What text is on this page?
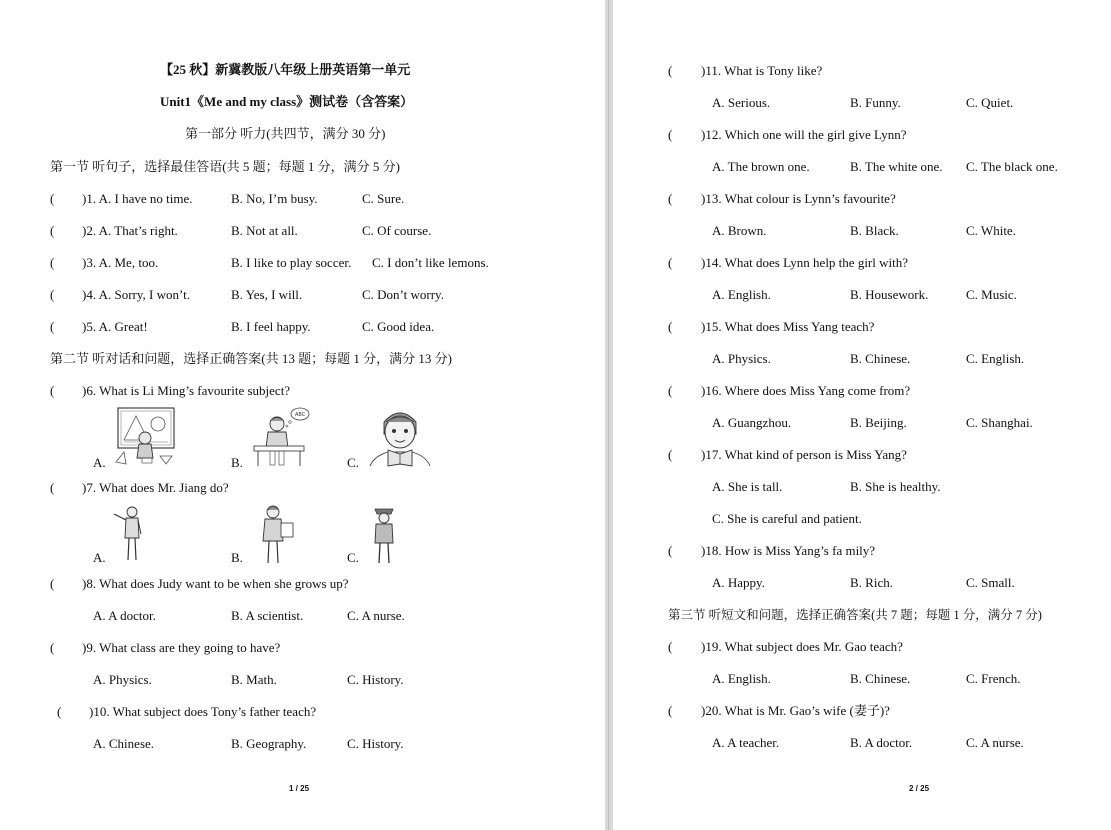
【25 秋】新冀教版八年级上册英语第一单元
Unit1《Me and my class》测试卷（含答案）
第一部分 听力(共四节，满分 30 分)
第一节 听句子，选择最佳答语(共 5 题；每题 1 分，满分 5 分)
( )1. A. I have no time.	B. No, I’m busy.	C. Sure.
( )2. A. That’s right.	B. Not at all.	C. Of course.
( )3. A. Me, too.	B. I like to play soccer. C. I don’t like lemons.
( )4. A. Sorry, I won’t.	B. Yes, I will.	C. Don’t worry.
( )5. A. Great!	B. I feel happy.	C. Good idea.
第二节 听对话和问题，选择正确答案(共 13 题；每题 1 分，满分 13 分)
( )6. What is Li Ming’s favourite subject?
A.
ABC
B.	C.
( )7. What does Mr. Jiang do?
A.	B.	C.
( )8. What does Judy want to be when she grows up?
A. A doctor.	B. A scientist.	C. A nurse.
( )9. What class are they going to have?
A. Physics.	B. Math.	C. History.
( )10. What subject does Tony’s father teach?
A. Chinese.	B. Geography.	C. History.
1 / 25
( )11. What is Tony like?
A. Serious.	B. Funny.	C. Quiet.
( )12. Which one will the girl give Lynn?
A. The brown one.	B. The white one. C. The black one.
( )13. What colour is Lynn’s favourite?
A. Brown.	B. Black.	C. White.
( )14. What does Lynn help the girl with?
A. English.	B. Housework.	C. Music.
( )15. What does Miss Yang teach?
A. Physics.	B. Chinese.	C. English.
( )16. Where does Miss Yang come from?
A. Guangzhou.	B. Beijing.	C. Shanghai.
( )17. What kind of person is Miss Yang?
A. She is tall.	B. She is healthy.
C. She is careful and patient.
( )18. How is Miss Yang’s fa mily?
A. Happy.	B. Rich.	C. Small.
第三节 听短文和问题，选择正确答案(共 7 题；每题 1 分，满分 7 分)
( )19. What subject does Mr. Gao teach?
A. English.	B. Chinese.	C. French.
( )20. What is Mr. Gao’s wife (妻子)?
A. A teacher.	B. A doctor.	C. A nurse.
2 / 25
